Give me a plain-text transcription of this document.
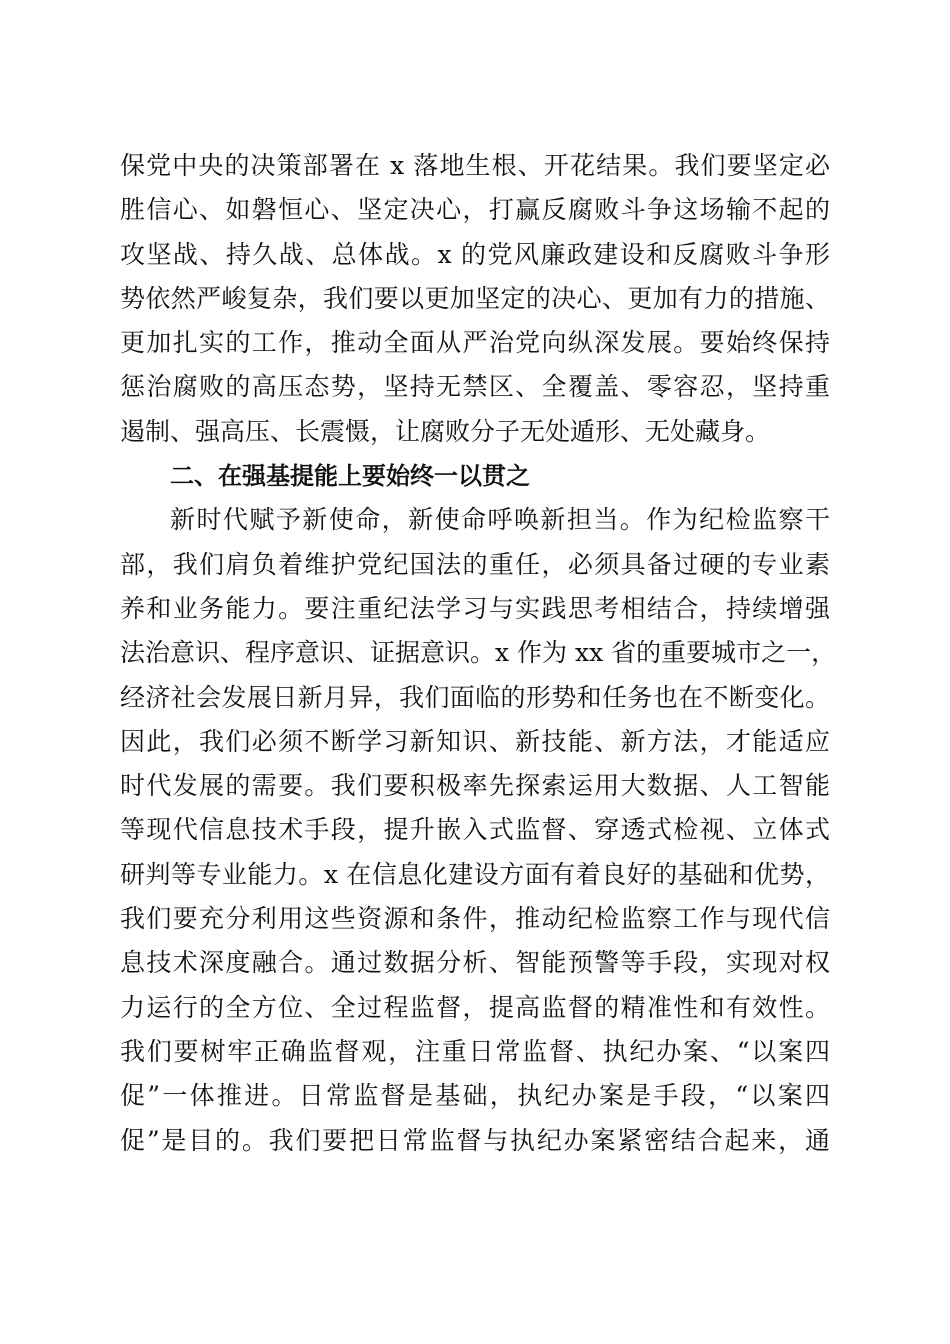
保党中央的决策部署在 x 落地生根、开花结果。我们要坚定必
胜信心、如磐恒心、坚定决心，打赢反腐败斗争这场输不起的
攻坚战、持久战、总体战。x 的党风廉政建设和反腐败斗争形
势依然严峻复杂，我们要以更加坚定的决心、更加有力的措施、
更加扎实的工作，推动全面从严治党向纵深发展。要始终保持
惩治腐败的高压态势，坚持无禁区、全覆盖、零容忍，坚持重
遏制、强高压、长震慑，让腐败分子无处遁形、无处藏身。
二、在强基提能上要始终一以贯之
新时代赋予新使命，新使命呼唤新担当。作为纪检监察干
部，我们肩负着维护党纪国法的重任，必须具备过硬的专业素
养和业务能力。要注重纪法学习与实践思考相结合，持续增强
法治意识、程序意识、证据意识。x 作为 xx 省的重要城市之一，
经济社会发展日新月异，我们面临的形势和任务也在不断变化。
因此，我们必须不断学习新知识、新技能、新方法，才能适应
时代发展的需要。我们要积极率先探索运用大数据、人工智能
等现代信息技术手段，提升嵌入式监督、穿透式检视、立体式
研判等专业能力。x 在信息化建设方面有着良好的基础和优势，
我们要充分利用这些资源和条件，推动纪检监察工作与现代信
息技术深度融合。通过数据分析、智能预警等手段，实现对权
力运行的全方位、全过程监督，提高监督的精准性和有效性。
我们要树牢正确监督观，注重日常监督、执纪办案、“以案四
促”一体推进。日常监督是基础，执纪办案是手段，“以案四
促”是目的。我们要把日常监督与执纪办案紧密结合起来，通
